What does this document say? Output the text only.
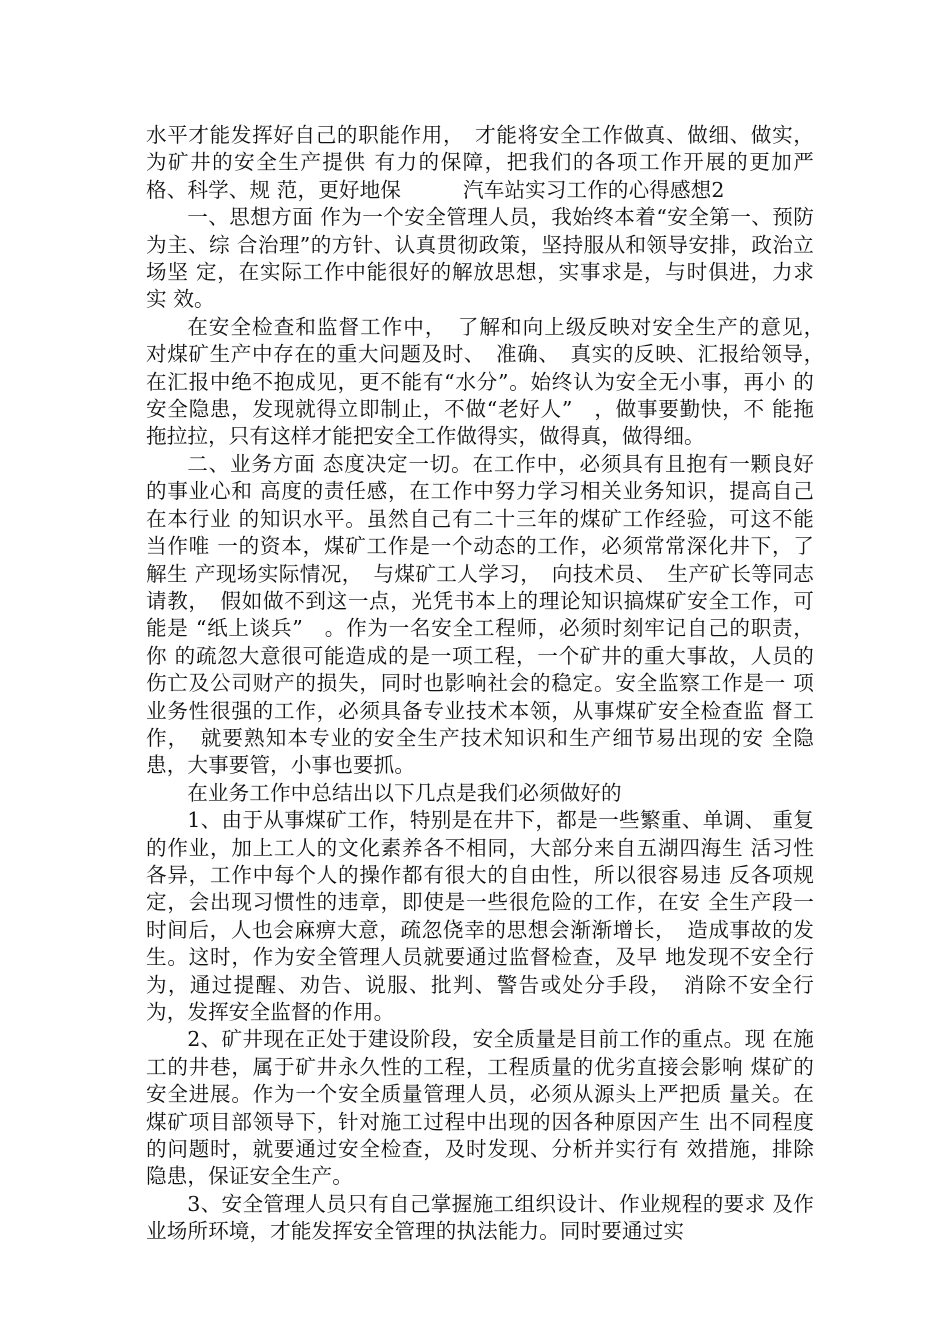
水平才能发挥好自己的职能作用，　才能将安全工作做真、做细、做实，为矿井的安全生产提供 有力的保障，把我们的各项工作开展的更加严格、科学、规 范，更好地保　　　汽车站实习工作的心得感想2

一、思想方面 作为一个安全管理人员，我始终本着“安全第一、预防为主、综 合治理”的方针、认真贯彻政策，坚持服从和领导安排，政治立场坚 定，在实际工作中能很好的解放思想，实事求是，与时俱进，力求实 效。

在安全检查和监督工作中，　了解和向上级反映对安全生产的意见，　对煤矿生产中存在的重大问题及时、　准确、　真实的反映、汇报给领导，　在汇报中绝不抱成见，更不能有“水分”。始终认为安全无小事，再小 的安全隐患，发现就得立即制止，不做“老好人”　，做事要勤快，不 能拖拖拉拉，只有这样才能把安全工作做得实，做得真，做得细。

二、业务方面 态度决定一切。在工作中，必须具有且抱有一颗良好的事业心和 高度的责任感，在工作中努力学习相关业务知识，提高自己在本行业 的知识水平。虽然自己有二十三年的煤矿工作经验，可这不能当作唯 一的资本，煤矿工作是一个动态的工作，必须常常深化井下，了解生 产现场实际情况，　与煤矿工人学习，　向技术员、　生产矿长等同志请教，　假如做不到这一点，光凭书本上的理论知识搞煤矿安全工作，可能是 “纸上谈兵”　。作为一名安全工程师，必须时刻牢记自己的职责，你 的疏忽大意很可能造成的是一项工程，一个矿井的重大事故，人员的 伤亡及公司财产的损失，同时也影响社会的稳定。安全监察工作是一 项业务性很强的工作，必须具备专业技术本领，从事煤矿安全检查监 督工作，　就要熟知本专业的安全生产技术知识和生产细节易出现的安 全隐患，大事要管，小事也要抓。

在业务工作中总结出以下几点是我们必须做好的

1、由于从事煤矿工作，特别是在井下，都是一些繁重、单调、 重复的作业，加上工人的文化素养各不相同，大部分来自五湖四海生 活习性各异，工作中每个人的操作都有很大的自由性，所以很容易违 反各项规定，会出现习惯性的违章，即使是一些很危险的工作，在安 全生产段一时间后，人也会麻痹大意，疏忽侥幸的思想会渐渐增长，　造成事故的发生。这时，作为安全管理人员就要通过监督检查，及早 地发现不安全行为，通过提醒、劝告、说服、批判、警告或处分手段，　消除不安全行为，发挥安全监督的作用。

2、矿井现在正处于建设阶段，安全质量是目前工作的重点。现 在施工的井巷，属于矿井永久性的工程，工程质量的优劣直接会影响 煤矿的安全进展。作为一个安全质量管理人员，必须从源头上严把质 量关。在煤矿项目部领导下，针对施工过程中出现的因各种原因产生 出不同程度的问题时，就要通过安全检查，及时发现、分析并实行有 效措施，排除隐患，保证安全生产。

3、安全管理人员只有自己掌握施工组织设计、作业规程的要求 及作业场所环境，才能发挥安全管理的执法能力。同时要通过实
